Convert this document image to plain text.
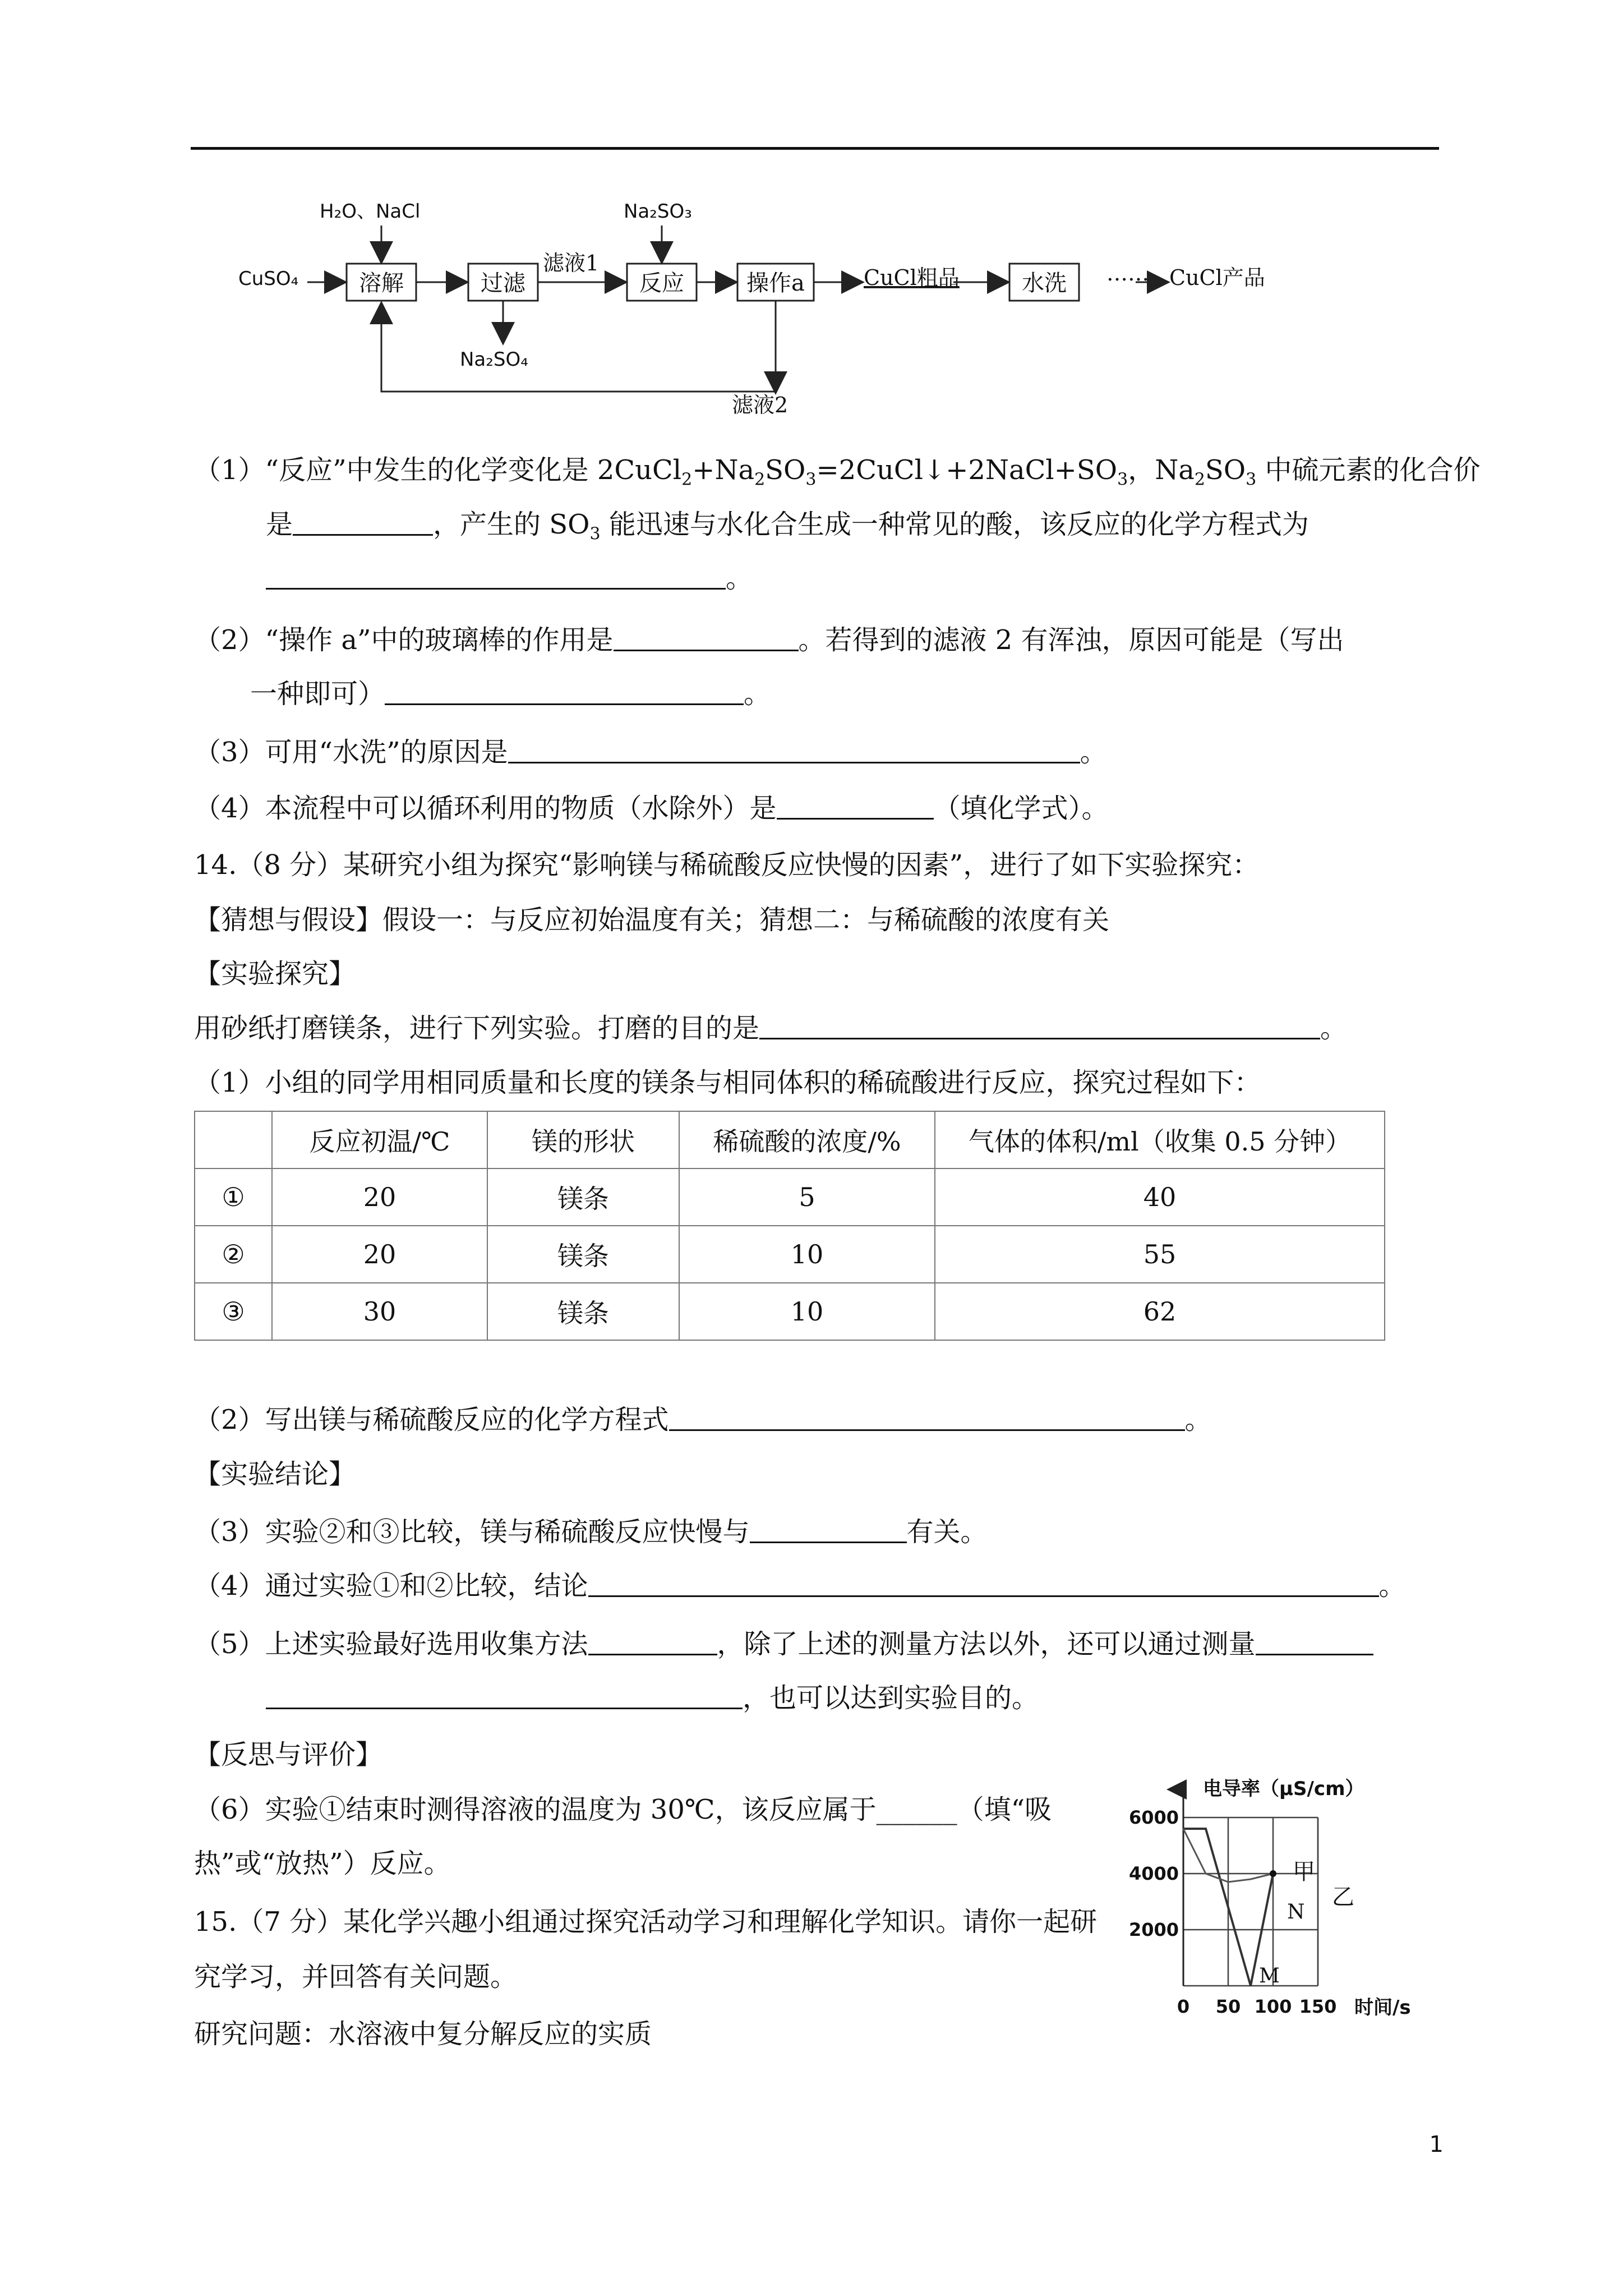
CuSO₄
H₂O、NaCl	Na₂SO₃
滤液1
Na₂SO₄
滤液2
CuCl粗品	…… CuCl产品
溶解	过滤	反应	操作a	水洗
（1）“反应”中发生的化学变化是 $2CuCl_2+Na_2SO_3=2CuCl↓+2NaCl+SO_3$，$Na_2SO_3$ 中硫元素的化合价
是	，产生的 $SO_3$ 能迅速与水化合生成一种常见的酸，该反应的化学方程式为
。
（2）“操作 a”中的玻璃棒的作用是	。若得到的滤液 2 有浑浊，原因可能是（写出
一种即可）	。
（3）可用“水洗”的原因是	。
（4）本流程中可以循环利用的物质（水除外）是	（填化学式）。
14.（8 分）某研究小组为探究“影响镁与稀硫酸反应快慢的因素”，进行了如下实验探究：
【猜想与假设】假设一：与反应初始温度有关；猜想二：与稀硫酸的浓度有关
【实验探究】
用砂纸打磨镁条，进行下列实验。打磨的目的是	。
（1）小组的同学用相同质量和长度的镁条与相同体积的稀硫酸进行反应，探究过程如下：
	反应初温/℃	镁的形状	稀硫酸的浓度/%	气体的体积/ml（收集 0.5 分钟）
①	20	镁条	5	40
②	20	镁条	10	55
③	30	镁条	10	62
（2）写出镁与稀硫酸反应的化学方程式	。
【实验结论】
（3）实验②和③比较，镁与稀硫酸反应快慢与	有关。
（4）通过实验①和②比较，结论	。
（5）上述实验最好选用收集方法	，除了上述的测量方法以外，还可以通过测量
，也可以达到实验目的。
【反思与评价】
（6）实验①结束时测得溶液的温度为 30℃，该反应属于______（填“吸
热”或“放热”）反应。
15.（7 分）某化学兴趣小组通过探究活动学习和理解化学知识。请你一起研
究学习，并回答有关问题。
研究问题：水溶液中复分解反应的实质
电导率（μS/cm）
时间/s
0 50 100 150
2000
4000
6000
甲
乙
N
M
1
